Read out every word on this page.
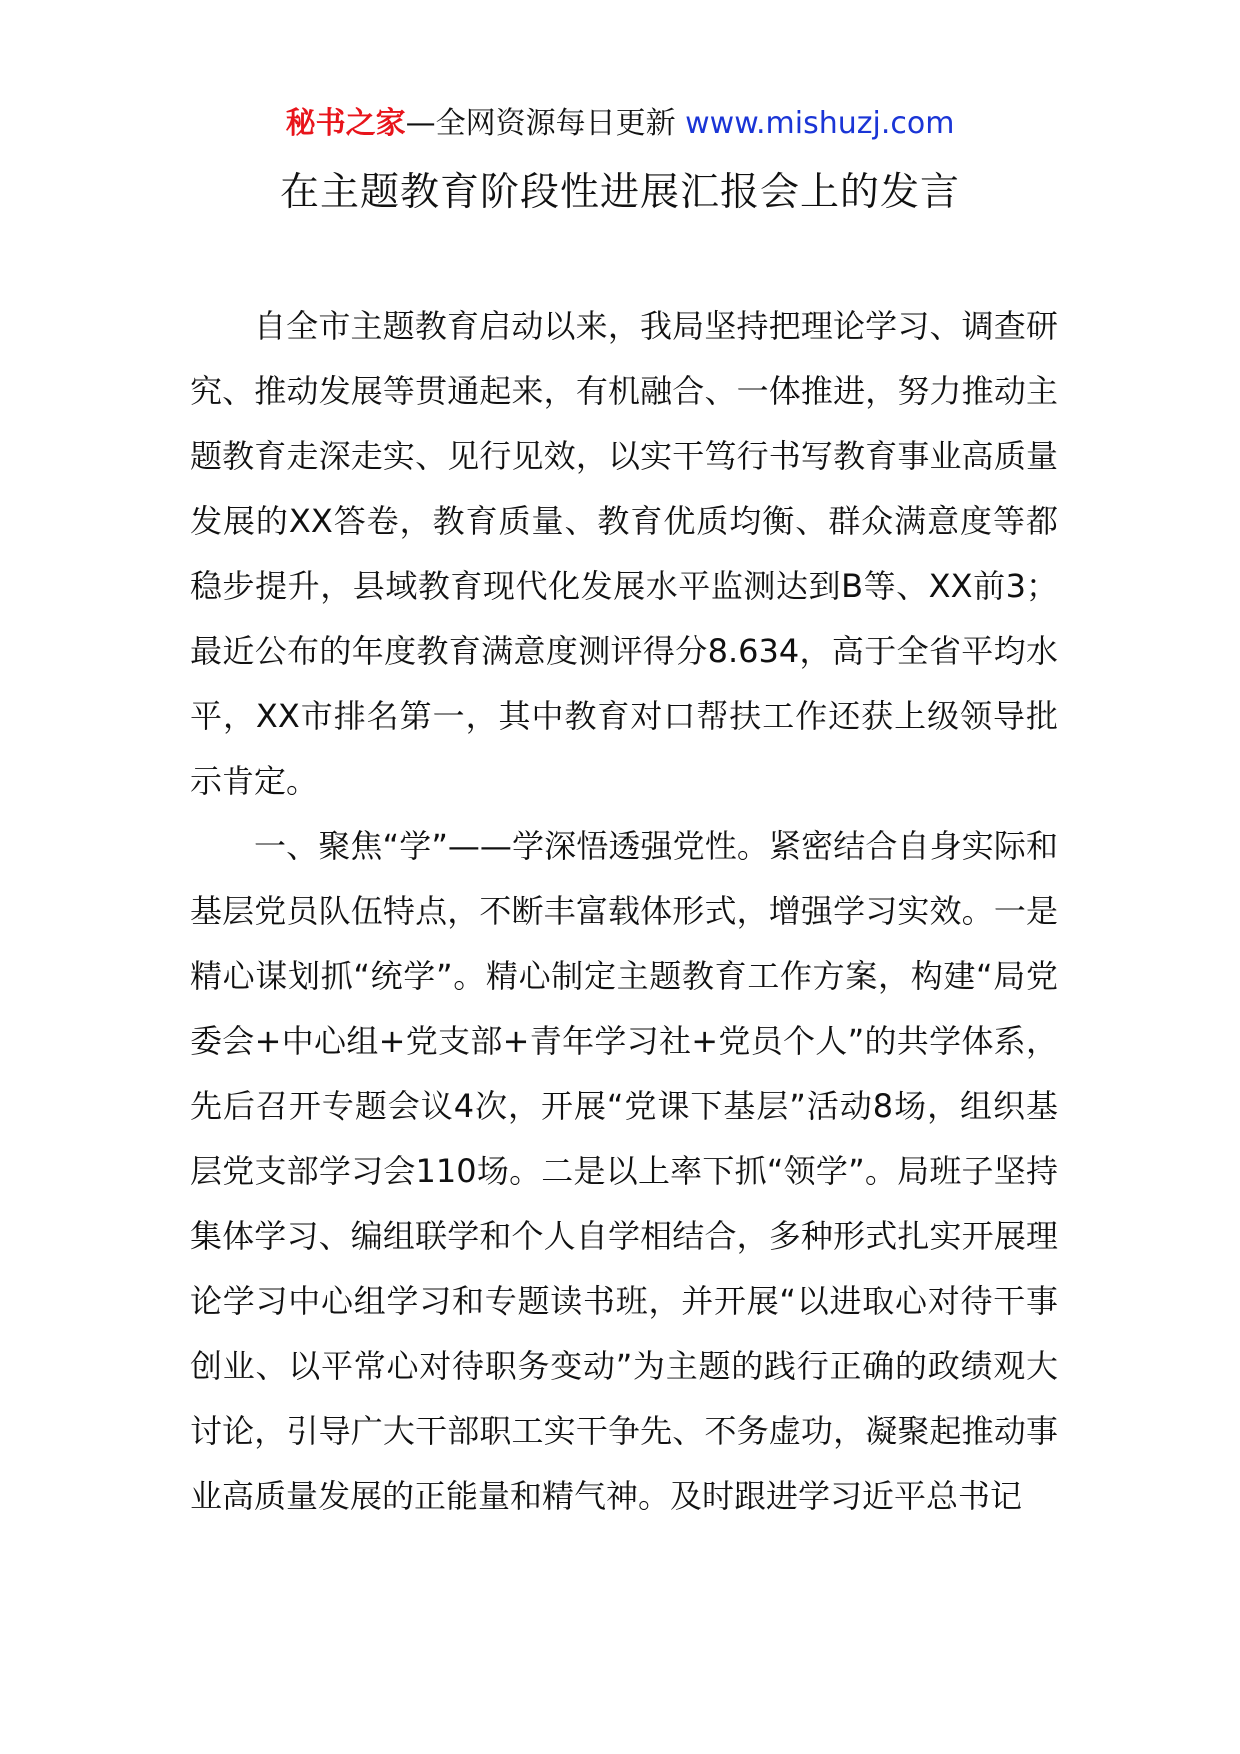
秘书之家—全网资源每日更新 www.mishuzj.com
在主题教育阶段性进展汇报会上的发言

自全市主题教育启动以来，我局坚持把理论学习、调查研究、推动发展等贯通起来，有机融合、一体推进，努力推动主题教育走深走实、见行见效，以实干笃行书写教育事业高质量发展的XX答卷，教育质量、教育优质均衡、群众满意度等都稳步提升，县域教育现代化发展水平监测达到B等、XX前3；最近公布的年度教育满意度测评得分8.634，高于全省平均水平，XX市排名第一，其中教育对口帮扶工作还获上级领导批示肯定。

一、聚焦“学”——学深悟透强党性。紧密结合自身实际和基层党员队伍特点，不断丰富载体形式，增强学习实效。一是精心谋划抓“统学”。精心制定主题教育工作方案，构建“局党委会+中心组+党支部+青年学习社+党员个人”的共学体系，先后召开专题会议4次，开展“党课下基层”活动8场，组织基层党支部学习会110场。二是以上率下抓“领学”。局班子坚持集体学习、编组联学和个人自学相结合，多种形式扎实开展理论学习中心组学习和专题读书班，并开展“以进取心对待干事创业、以平常心对待职务变动”为主题的践行正确的政绩观大讨论，引导广大干部职工实干争先、不务虚功，凝聚起推动事业高质量发展的正能量和精气神。及时跟进学习近平总书记
